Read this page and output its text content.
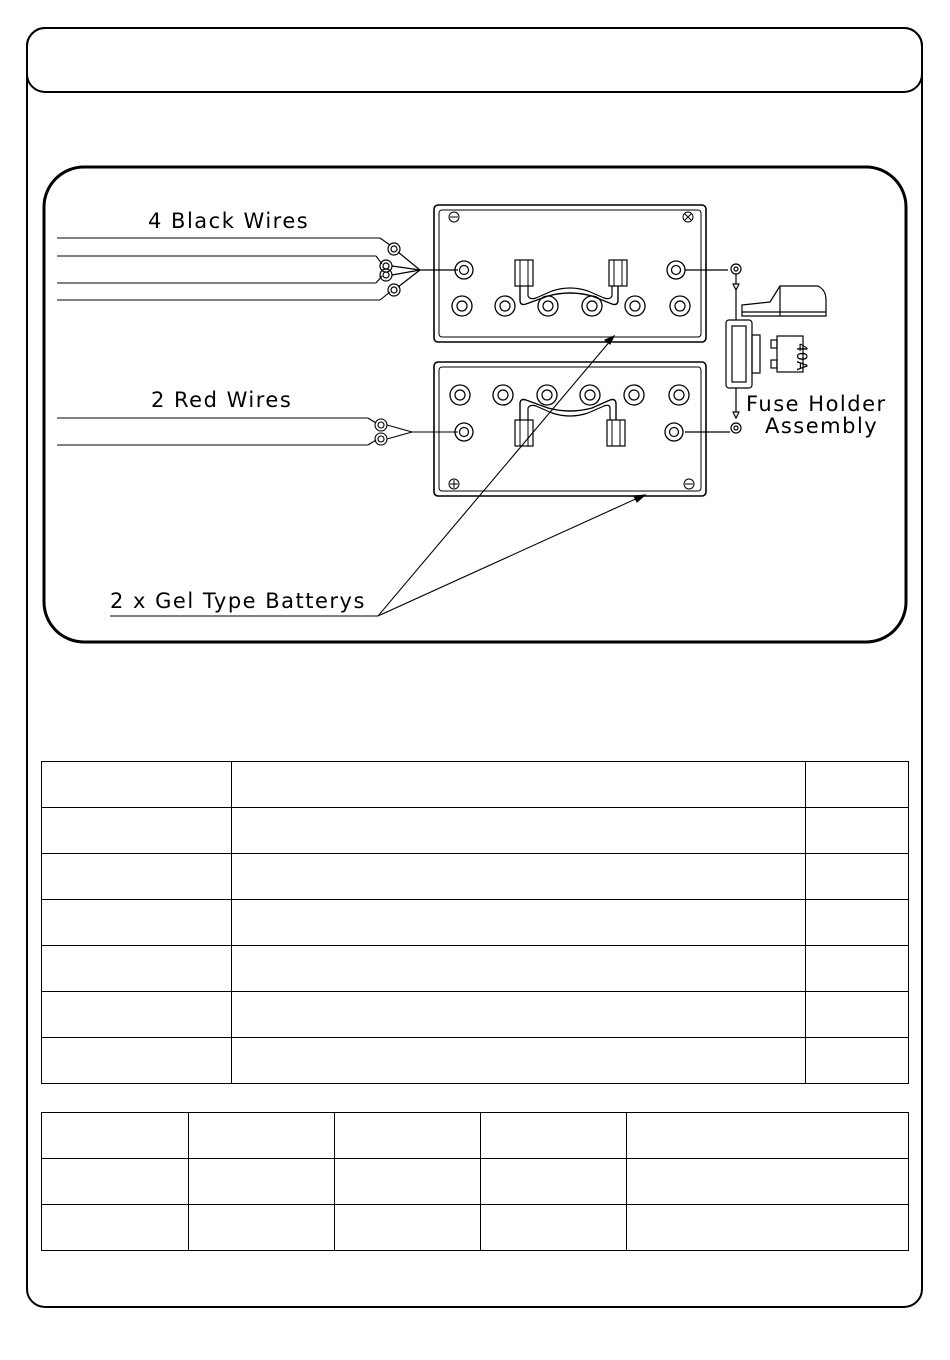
4 Black Wires
2 Red Wires
2 x Gel Type Batterys
Fuse Holder
Assembly
40A
